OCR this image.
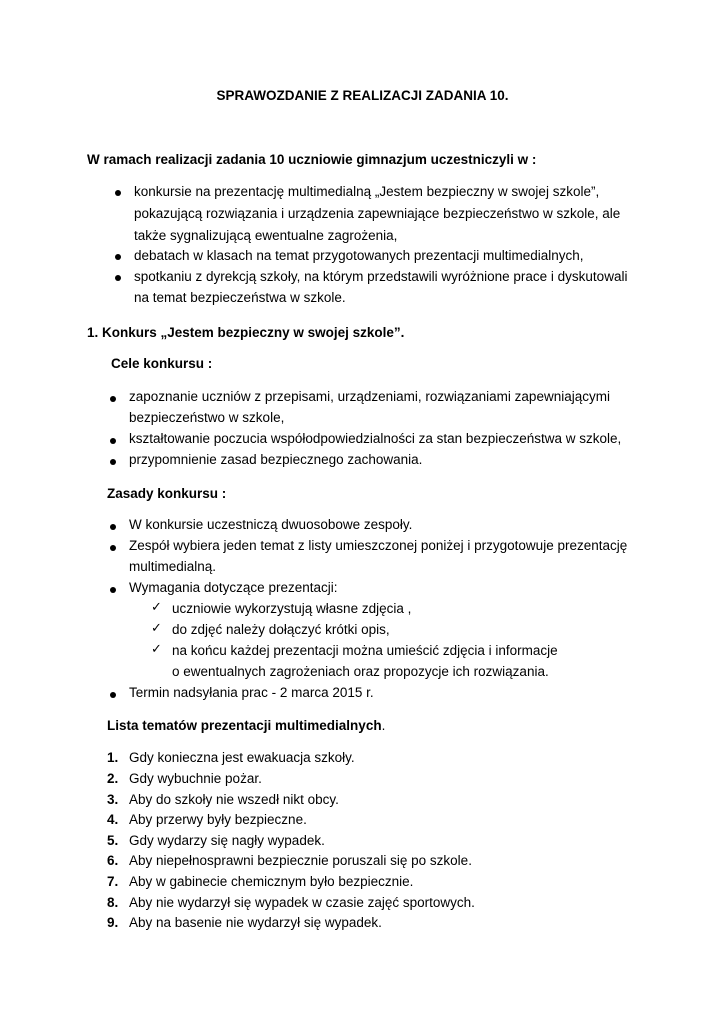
SPRAWOZDANIE Z REALIZACJI ZADANIA 10.
W ramach realizacji zadania 10 uczniowie gimnazjum uczestniczyli w :
konkursie na prezentację multimedialną „Jestem bezpieczny w swojej szkole”,
pokazującą rozwiązania i urządzenia zapewniające bezpieczeństwo w szkole, ale
także sygnalizującą ewentualne zagrożenia,
debatach w klasach na temat przygotowanych prezentacji multimedialnych,
spotkaniu z dyrekcją szkoły, na którym przedstawili wyróżnione prace i dyskutowali
na temat bezpieczeństwa w szkole.
1. Konkurs „Jestem bezpieczny w swojej szkole”.
Cele konkursu :
zapoznanie uczniów z przepisami, urządzeniami, rozwiązaniami zapewniającymi
bezpieczeństwo w szkole,
kształtowanie poczucia współodpowiedzialności za stan bezpieczeństwa w szkole,
przypomnienie zasad bezpiecznego zachowania.
Zasady konkursu :
W konkursie uczestniczą dwuosobowe zespoły.
Zespół wybiera jeden temat z listy umieszczonej poniżej i przygotowuje prezentację
multimedialną.
Wymagania dotyczące prezentacji:
✓ uczniowie wykorzystują własne zdjęcia ,
✓ do zdjęć należy dołączyć krótki opis,
✓ na końcu każdej prezentacji można umieścić zdjęcia i informacje
o ewentualnych zagrożeniach oraz propozycje ich rozwiązania.
Termin nadsyłania prac - 2 marca 2015 r.
Lista tematów prezentacji multimedialnych.
1. Gdy konieczna jest ewakuacja szkoły.
2. Gdy wybuchnie pożar.
3. Aby do szkoły nie wszedł nikt obcy.
4. Aby przerwy były bezpieczne.
5. Gdy wydarzy się nagły wypadek.
6. Aby niepełnosprawni bezpiecznie poruszali się po szkole.
7. Aby w gabinecie chemicznym było bezpiecznie.
8. Aby nie wydarzył się wypadek w czasie zajęć sportowych.
9. Aby na basenie nie wydarzył się wypadek.
